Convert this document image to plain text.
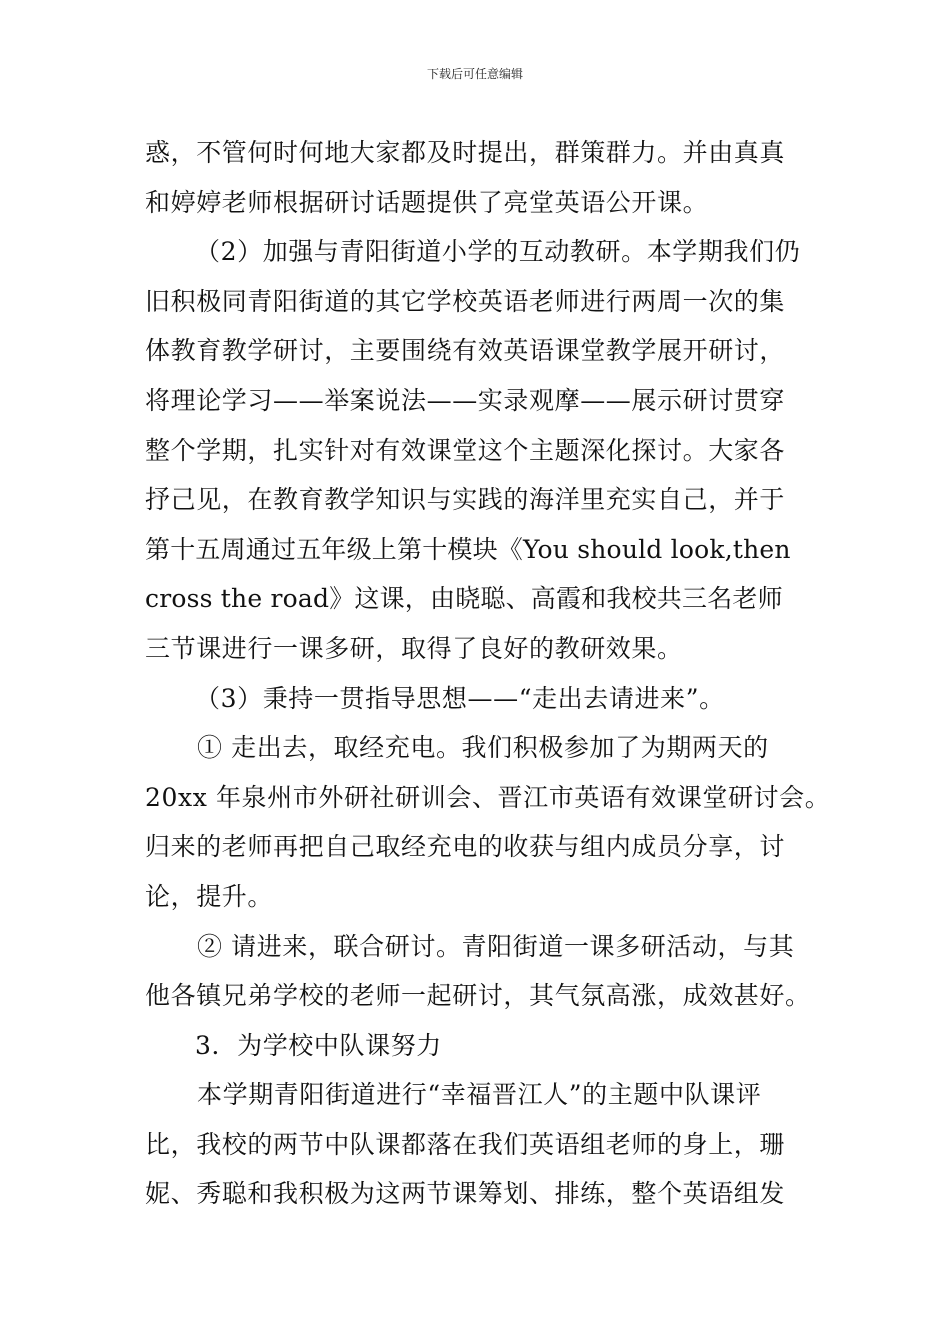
下载后可任意编辑
惑，不管何时何地大家都及时提出，群策群力。并由真真
和婷婷老师根据研讨话题提供了亮堂英语公开课。
（2）加强与青阳街道小学的互动教研。本学期我们仍
旧积极同青阳街道的其它学校英语老师进行两周一次的集
体教育教学研讨，主要围绕有效英语课堂教学展开研讨，
将理论学习——举案说法——实录观摩——展示研讨贯穿
整个学期，扎实针对有效课堂这个主题深化探讨。大家各
抒己见，在教育教学知识与实践的海洋里充实自己，并于
第十五周通过五年级上第十模块《You should look,then
cross the road》这课，由晓聪、高霞和我校共三名老师
三节课进行一课多研，取得了良好的教研效果。
（3）秉持一贯指导思想——“走出去请进来”。
① 走出去，取经充电。我们积极参加了为期两天的
20xx 年泉州市外研社研训会、晋江市英语有效课堂研讨会。
归来的老师再把自己取经充电的收获与组内成员分享，讨
论，提升。
② 请进来，联合研讨。青阳街道一课多研活动，与其
他各镇兄弟学校的老师一起研讨，其气氛高涨，成效甚好。
3．为学校中队课努力
本学期青阳街道进行“幸福晋江人”的主题中队课评
比，我校的两节中队课都落在我们英语组老师的身上，珊
妮、秀聪和我积极为这两节课筹划、排练，整个英语组发
